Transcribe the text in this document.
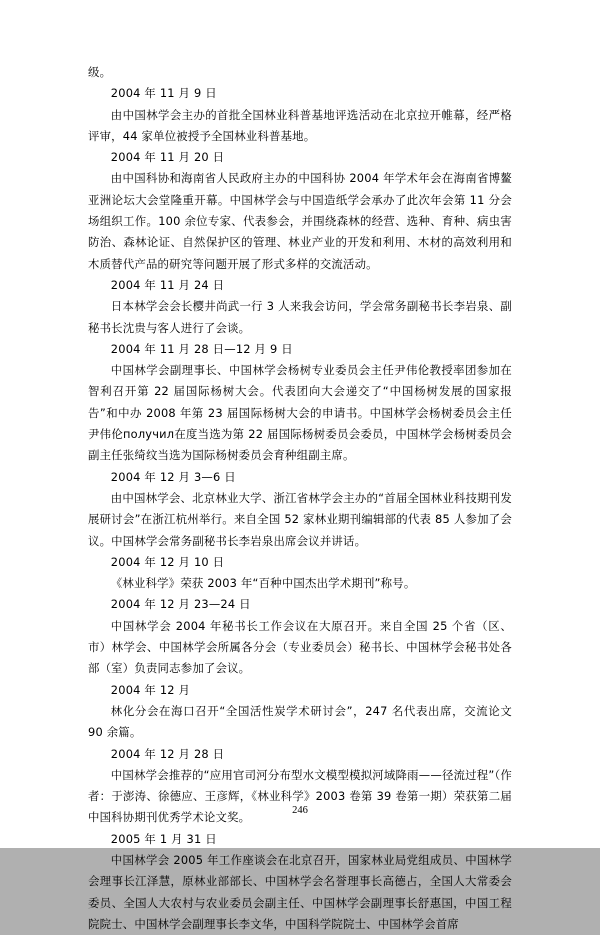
级。

2004 年 11 月 9 日

由中国林学会主办的首批全国林业科普基地评选活动在北京拉开帷幕，经严格评审，44 家单位被授予全国林业科普基地。

2004 年 11 月 20 日

由中国科协和海南省人民政府主办的中国科协 2004 年学术年会在海南省博鳌亚洲论坛大会堂隆重开幕。中国林学会与中国造纸学会承办了此次年会第 11 分会场组织工作。100 余位专家、代表参会，并围绕森林的经营、选种、育种、病虫害防治、森林论证、自然保护区的管理、林业产业的开发和利用、木材的高效利用和木质替代产品的研究等问题开展了形式多样的交流活动。

2004 年 11 月 24 日

日本林学会会长樱井尚武一行 3 人来我会访问，学会常务副秘书长李岩泉、副秘书长沈贵与客人进行了会谈。

2004 年 11 月 28 日—12 月 9 日

中国林学会副理事长、中国林学会杨树专业委员会主任尹伟伦教授率团参加在智利召开第 22 届国际杨树大会。代表团向大会递交了“中国杨树发展的国家报告”和中办 2008 年第 23 届国际杨树大会的申请书。中国林学会杨树委员会主任尹伟伦получил在度当选为第 22 届国际杨树委员会委员，中国林学会杨树委员会副主任张绮纹当选为国际杨树委员会育种组副主席。

2004 年 12 月 3—6 日

由中国林学会、北京林业大学、浙江省林学会主办的“首届全国林业科技期刊发展研讨会”在浙江杭州举行。来自全国 52 家林业期刊编辑部的代表 85 人参加了会议。中国林学会常务副秘书长李岩泉出席会议并讲话。

2004 年 12 月 10 日

《林业科学》荣获 2003 年“百种中国杰出学术期刊”称号。

2004 年 12 月 23—24 日

中国林学会 2004 年秘书长工作会议在大原召开。来自全国 25 个省（区、市）林学会、中国林学会所属各分会（专业委员会）秘书长、中国林学会秘书处各部（室）负责同志参加了会议。

2004 年 12 月

林化分会在海口召开“全国活性炭学术研讨会”，247 名代表出席，交流论文 90 余篇。

2004 年 12 月 28 日

中国林学会推荐的“应用官司河分布型水文模型模拟河域降雨——径流过程”（作者：于澎涛、徐德应、王彦辉，《林业科学》2003 卷第 39 卷第一期）荣获第二届中国科协期刊优秀学术论文奖。

2005 年 1 月 31 日

中国林学会 2005 年工作座谈会在北京召开，国家林业局党组成员、中国林学会理事长江泽慧，原林业部部长、中国林学会名誉理事长高德占，全国人大常委会委员、全国人大农村与农业委员会副主任、中国林学会副理事长舒惠国，中国工程院院士、中国林学会副理事长李文华，中国科学院院士、中国林学会首席

246
